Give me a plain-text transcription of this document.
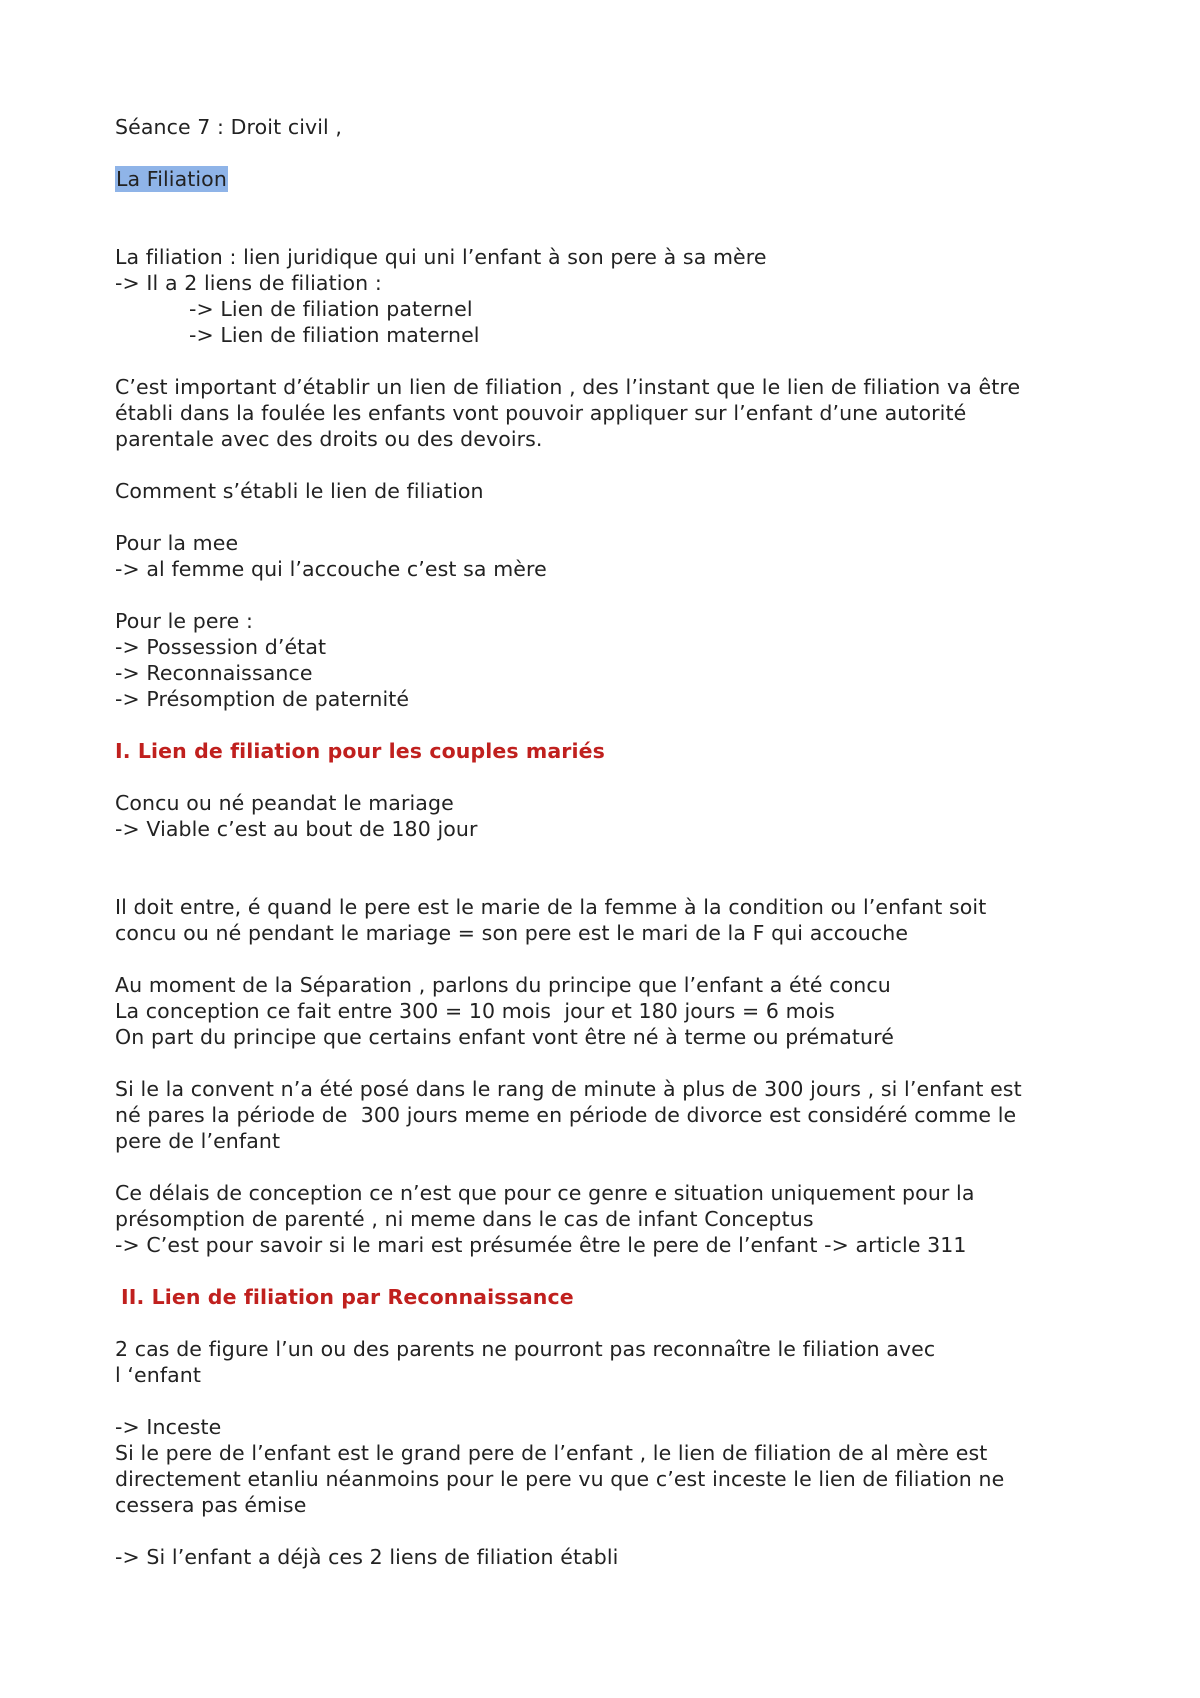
Séance 7 : Droit civil ,
La Filiation
La filiation : lien juridique qui uni l’enfant à son pere à sa mère
-> Il a 2 liens de filiation :
-> Lien de filiation paternel
-> Lien de filiation maternel
C’est important d’établir un lien de filiation , des l’instant que le lien de filiation va être
établi dans la foulée les enfants vont pouvoir appliquer sur l’enfant d’une autorité
parentale avec des droits ou des devoirs.
Comment s’établi le lien de filiation
Pour la mee
-> al femme qui l’accouche c’est sa mère
Pour le pere :
-> Possession d’état
-> Reconnaissance
-> Présomption de paternité
I. Lien de filiation pour les couples mariés
Concu ou né peandat le mariage
-> Viable c’est au bout de 180 jour
Il doit entre, é quand le pere est le marie de la femme à la condition ou l’enfant soit
concu ou né pendant le mariage = son pere est le mari de la F qui accouche
Au moment de la Séparation , parlons du principe que l’enfant a été concu
La conception ce fait entre 300 = 10 mois  jour et 180 jours = 6 mois
On part du principe que certains enfant vont être né à terme ou prématuré
Si le la convent n’a été posé dans le rang de minute à plus de 300 jours , si l’enfant est
né pares la période de  300 jours meme en période de divorce est considéré comme le
pere de l’enfant
Ce délais de conception ce n’est que pour ce genre e situation uniquement pour la
présomption de parenté , ni meme dans le cas de infant Conceptus
-> C’est pour savoir si le mari est présumée être le pere de l’enfant -> article 311
II. Lien de filiation par Reconnaissance
2 cas de figure l’un ou des parents ne pourront pas reconnaître le filiation avec
l ‘enfant
-> Inceste
Si le pere de l’enfant est le grand pere de l’enfant , le lien de filiation de al mère est
directement etanliu néanmoins pour le pere vu que c’est inceste le lien de filiation ne
cessera pas émise
-> Si l’enfant a déjà ces 2 liens de filiation établi
